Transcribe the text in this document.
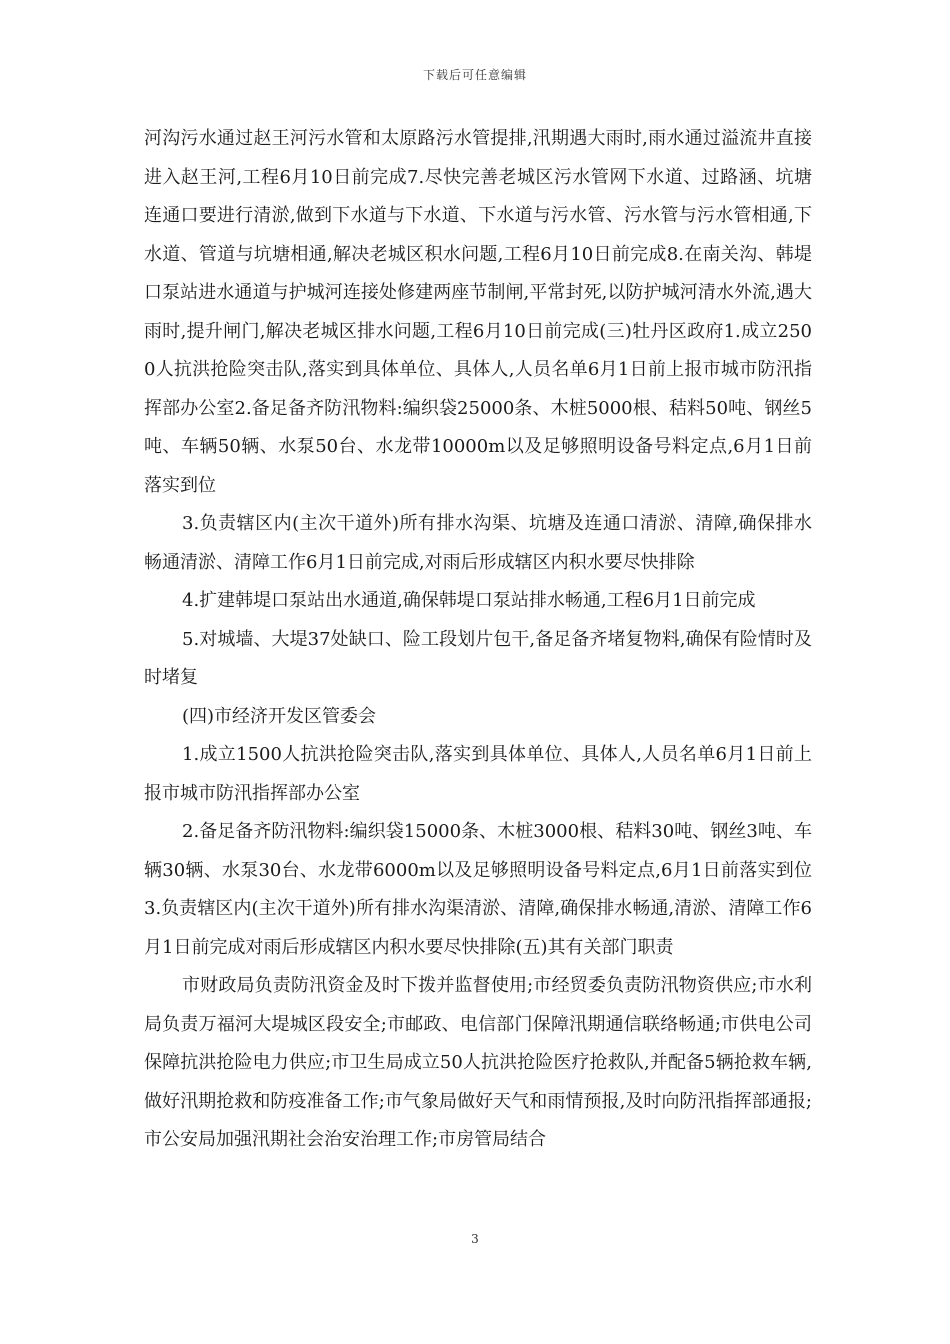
下载后可任意编辑

河沟污水通过赵王河污水管和太原路污水管提排,汛期遇大雨时,雨水通过溢流井直接进入赵王河,工程6月10日前完成7.尽快完善老城区污水管网下水道、过路涵、坑塘连通口要进行清淤,做到下水道与下水道、下水道与污水管、污水管与污水管相通,下水道、管道与坑塘相通,解决老城区积水问题,工程6月10日前完成8.在南关沟、韩堤口泵站进水通道与护城河连接处修建两座节制闸,平常封死,以防护城河清水外流,遇大雨时,提升闸门,解决老城区排水问题,工程6月10日前完成(三)牡丹区政府1.成立2500人抗洪抢险突击队,落实到具体单位、具体人,人员名单6月1日前上报市城市防汛指挥部办公室2.备足备齐防汛物料:编织袋25000条、木桩5000根、秸料50吨、钢丝5吨、车辆50辆、水泵50台、水龙带10000m以及足够照明设备号料定点,6月1日前落实到位

3.负责辖区内(主次干道外)所有排水沟渠、坑塘及连通口清淤、清障,确保排水畅通清淤、清障工作6月1日前完成,对雨后形成辖区内积水要尽快排除

4.扩建韩堤口泵站出水通道,确保韩堤口泵站排水畅通,工程6月1日前完成

5.对城墙、大堤37处缺口、险工段划片包干,备足备齐堵复物料,确保有险情时及时堵复

(四)市经济开发区管委会

1.成立1500人抗洪抢险突击队,落实到具体单位、具体人,人员名单6月1日前上报市城市防汛指挥部办公室

2.备足备齐防汛物料:编织袋15000条、木桩3000根、秸料30吨、钢丝3吨、车辆30辆、水泵30台、水龙带6000m以及足够照明设备号料定点,6月1日前落实到位3.负责辖区内(主次干道外)所有排水沟渠清淤、清障,确保排水畅通,清淤、清障工作6月1日前完成对雨后形成辖区内积水要尽快排除(五)其有关部门职责

市财政局负责防汛资金及时下拨并监督使用;市经贸委负责防汛物资供应;市水利局负责万福河大堤城区段安全;市邮政、电信部门保障汛期通信联络畅通;市供电公司保障抗洪抢险电力供应;市卫生局成立50人抗洪抢险医疗抢救队,并配备5辆抢救车辆,做好汛期抢救和防疫准备工作;市气象局做好天气和雨情预报,及时向防汛指挥部通报;市公安局加强汛期社会治安治理工作;市房管局结合

3
